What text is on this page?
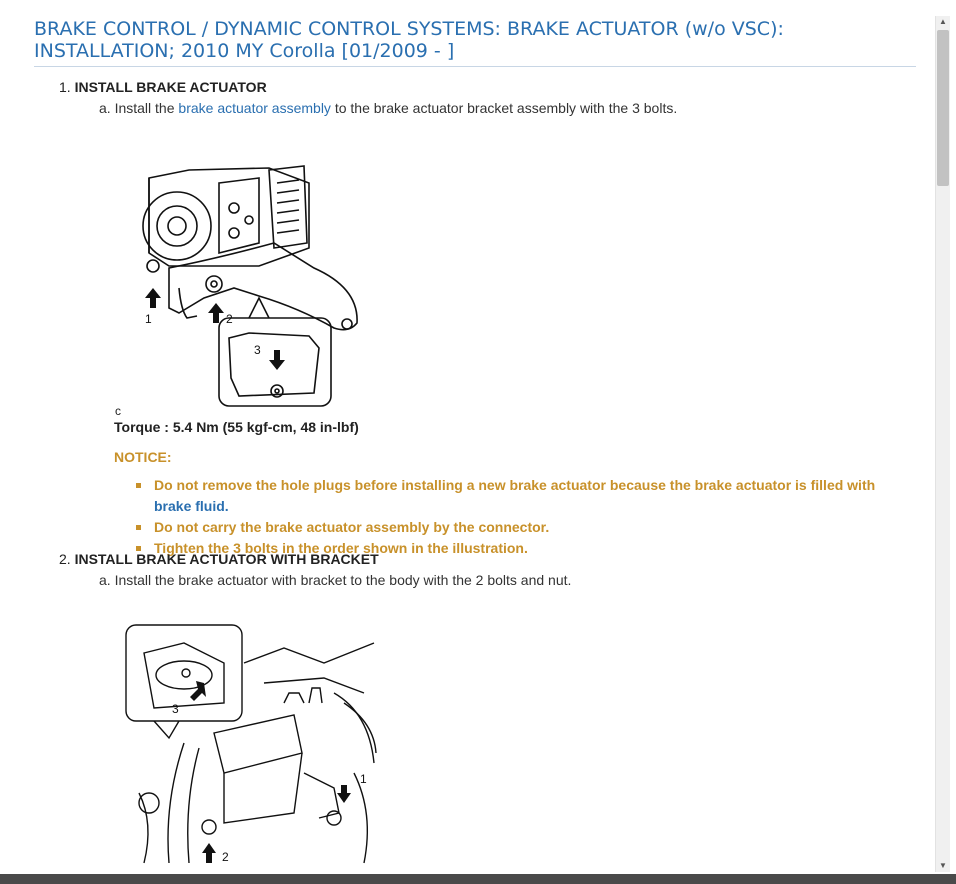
BRAKE CONTROL / DYNAMIC CONTROL SYSTEMS: BRAKE ACTUATOR (w/o VSC): INSTALLATION; 2010 MY Corolla [01/2009 - ]
1. INSTALL BRAKE ACTUATOR
a. Install the brake actuator assembly to the brake actuator bracket assembly with the 3 bolts.
1	2
3
c
Torque : 5.4 Nm (55 kgf-cm, 48 in-lbf)
NOTICE:
Do not remove the hole plugs before installing a new brake actuator because the brake actuator is filled with brake fluid.
Do not carry the brake actuator assembly by the connector.
Tighten the 3 bolts in the order shown in the illustration.
2. INSTALL BRAKE ACTUATOR WITH BRACKET
a. Install the brake actuator with bracket to the body with the 2 bolts and nut.
3
2
1
▲
▼
